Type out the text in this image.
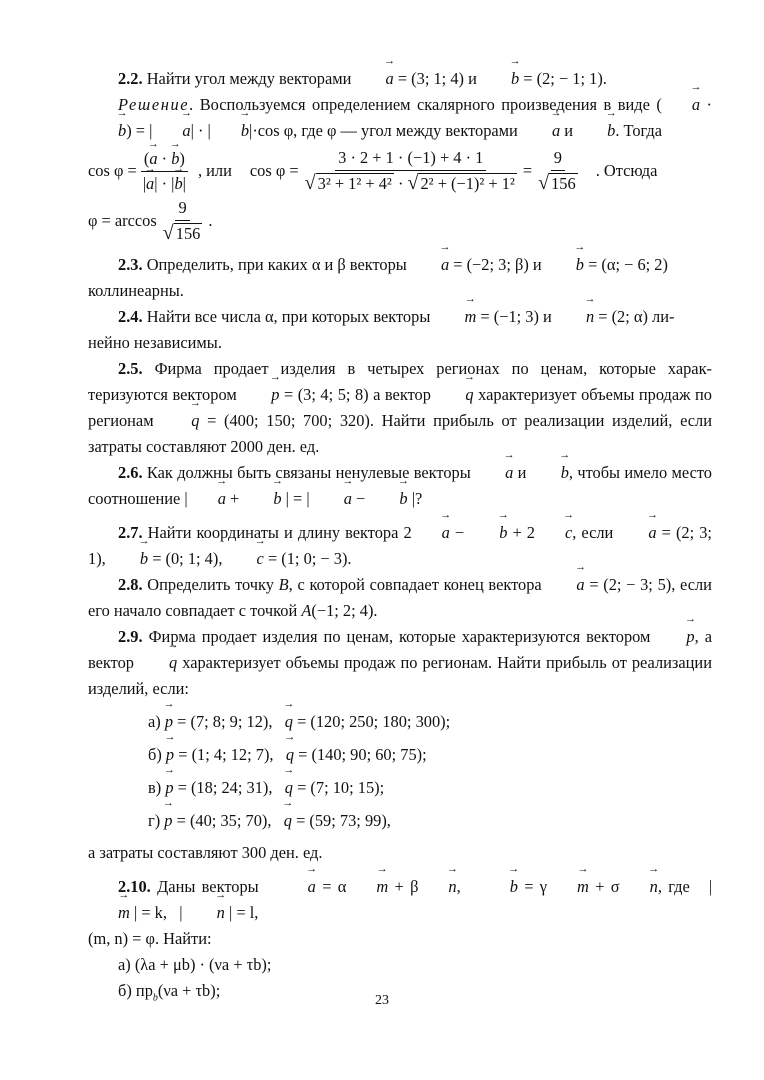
2.2. Найти угол между векторами → a = (3; 1; 4) и → b = (2; − 1; 1).

Решение. Воспользуемся определением скалярного произведения в виде ( → a · → b) = | → a| · | → b|·cos φ, где φ — угол между векторами → a и → b. Тогда

$\cos \varphi = \frac{(\to a \cdot \to b)}{|\to a| \cdot |\to b|}$ , или $\cos \varphi = \frac{3 \cdot 2 + 1 \cdot (-1) + 4 \cdot 1}{\text{√ 3² + 1² + 4² · √ 2² + (−1)² + 1²}} = \frac{9}{√ 156}$ . Отсюда

$\varphi = \arccos \frac{9}{√ 156}$ .

2.3. Определить, при каких α и β векторы → a = (−2; 3; β) и → b = (α; − 6; 2)

коллинеарны.

2.4. Найти все числа α, при которых векторы → m = (−1; 3) и → n = (2; α) ли-

нейно независимы.

2.5. Фирма продает изделия в четырех регионах по ценам, которые харак- теризуются вектором → p = (3; 4; 5; 8) а вектор → q характеризует объемы продаж по регионам → q = (400; 150; 700; 320). Найти прибыль от реализации изделий, если затраты составляют 2000 ден. ед.

2.6. Как должны быть связаны ненулевые векторы → a и → b, чтобы имело место соотношение | → a + → b | = | → a − → b |?

2.7. Найти координаты и длину вектора 2 → a − → b + 2 → c, если → a = (2; 3; 1), → b = (0; 1; 4), → c = (1; 0; − 3).

2.8. Определить точку B, с которой совпадает конец вектора → a = (2; − 3; 5), если его начало совпадает с точкой A(−1; 2; 4).

2.9. Фирма продает изделия по ценам, которые характеризуются вектором → p, а вектор → q характеризует объемы продаж по регионам. Найти прибыль от реализации изделий, если:

а) → p = (7; 8; 9; 12), → q = (120; 250; 180; 300);

б) → p = (1; 4; 12; 7), → q = (140; 90; 60; 75);

в) → p = (18; 24; 31), → q = (7; 10; 15);

г) → p = (40; 35; 70), → q = (59; 73; 99),

а затраты составляют 300 ден. ед.

2.10. Даны векторы	→ a = α → m + β → n,   → b = γ → m + σ → n, где   | → m | = k,   | → n | = l,

(m, n) = φ. Найти:

а) (λa + μb) · (νa + τb);

б) $пр_b(\nu a + \tau b)$;

23
